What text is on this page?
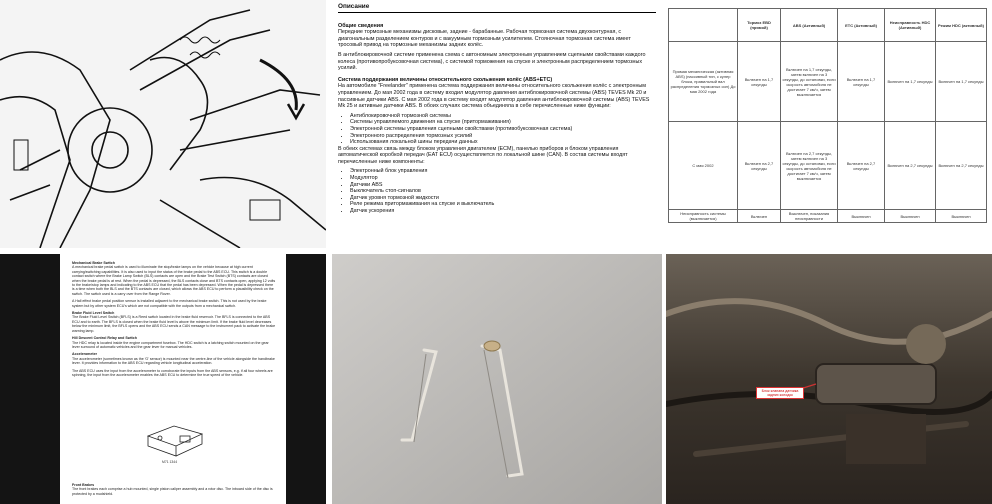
Описание
Общие сведения

Передние тормозные механизмы дисковые, задние - барабанные. Рабочая тормозная система двухконтурная, с диагональным разделением контуров и с вакуумным тормозным усилителем. Стояночная тормозная система имеет тросовый привод на тормозные механизмы задних колёс.

В антиблокировочной системе применена схема с автономным электронным управлением сцепными свойствами каждого колеса (противопробуксовочная система), с системой торможения на спуске и электронным распределением тормозных усилий.

Система поддержания величины относительного скольжения колёс (ABS+ETC)

На автомобиле "Freelander" применена система поддержания величины относительного скольжения колёс с электронным управлением. До мая 2002 года в систему входил модулятор давления антиблокировочной системы (ABS) TEVES Mk 20 и пассивные датчики ABS. С мая 2002 года в систему входят модулятор давления антиблокировочной системы (ABS) TEVES Mk 25 и активные датчики ABS. В обоих случаях система объединяла в себе перечисленные ниже функции:

• Антиблокировочной тормозной системы
• Системы управляемого движения на спуске (притормаживания)
• Электронной системы управления сцепными свойствами (противобуксовочная система)
• Электронного распределения тормозных усилий
• Использования локальной шины передачи данных

В обеих системах связь между блоком управления двигателем (ECM), панелью приборов и блоком управления автоматической коробкой передач (EAT ECU) осуществляется по локальной шине (CAN). В состав системы входят перечисленные ниже компоненты:

• Электронный блок управления
• Модулятор
• Датчики ABS
• Выключатель стоп-сигналов
• Датчик уровня тормозной жидкости
• Реле режима притормаживания на спуске и выключатель
• Датчик ускорения
	Тормоз EBD (прямой)	ABS (Активный)	ETC (Активный)	Неисправность HDC (Активный)	Режим HDC (активный)
Прямая механическая (активная ABS) (пассивный тип, с кулер блока, правильный вал распределения тормозных сил) До мая 2002 года	Включен на 1,7 секунды	Включен на 1,7 секунды, затем включен на 3 секунды, до остановки, если скорость автомобиля не достигает 7 км/ч, затем выключается	Включен на 1,7 секунды	Включен на 1,7 секунды	Включен на 1,7 секунды
С мая 2002	Включен на 2,7 секунды	Включен на 2,7 секунды, затем включен на 3 секунды, до остановки, если скорость автомобиля не достигает 7 км/ч, затем выключается	Включен на 2,7 секунды	Включен на 2,7 секунды	Включен на 2,7 секунды
Неисправность системы (выключается)	Включен	Выключен, показания неисправности	Выключен	Выключен	Выключен
Mechanical Brake Switch

A mechanical brake pedal switch is used to illuminate the stop/brake lamps on the vehicle because at high current carrying/switching capabilities. It is also used to input the status of the brake pedal to the ABS ECU. This switch is a double contact switch where the Brake Lamp Switch (BLS) contacts are open and the Brake Test Switch (BTS) contacts are closed when the brake pedal is at rest. When the pedal is depressed, the BLS contacts close and BTS contacts open, applying 12 volts to the brake/stop lamps and indicating to the ABS ECU that the pedal has been depressed. When the pedal is depressed there is a time when both the BLS and the BTS contacts are closed, which allows the ABS ECU to perform a plausibility check on the switch. The switch used is a carry over from the Range Rover.

A Hall effect brake pedal position sensor is installed adjacent to the mechanical brake switch. This is not used by the brake system but by other system ECU's which are not compatible with the outputs from a mechanical switch.

Brake Fluid Level Switch

The Brake Fluid Level Switch (BFLS) is a Reed switch located in the brake fluid reservoir. The BFLS is connected to the ABS ECU and to earth. The BFLS is closed when the brake fluid level is above the minimum limit. If the brake fluid level decreases below the minimum limit, the BFLS opens and the ABS ECU sends a CAN message to the instrument pack to activate the brake warning lamp.

Hill Descent Control Relay and Switch

The HDC relay is located inside the engine compartment fusebox. The HDC switch is a latching switch mounted on the gear lever surround of automatic vehicles and the gear lever for manual vehicles.

Accelerometer

The accelerometer (sometimes known as the 'G' sensor) is mounted near the centre-line of the vehicle alongside the handbrake lever. It provides information to the ABS ECU regarding vehicle longitudinal acceleration.

The ABS ECU uses the input from the accelerometer to corroborate the inputs from the ABS sensors, e.g. if all four wheels are spinning, the input from the accelerometer enables the ABS ECU to determine the true speed of the vehicle.

M71 1344
Front Brakes

The front brakes each comprise a hub mounted, single piston caliper assembly and a rotor disc. The inboard side of the disc is protected by a mudshield.

Блок клапана датчика задних колодок
